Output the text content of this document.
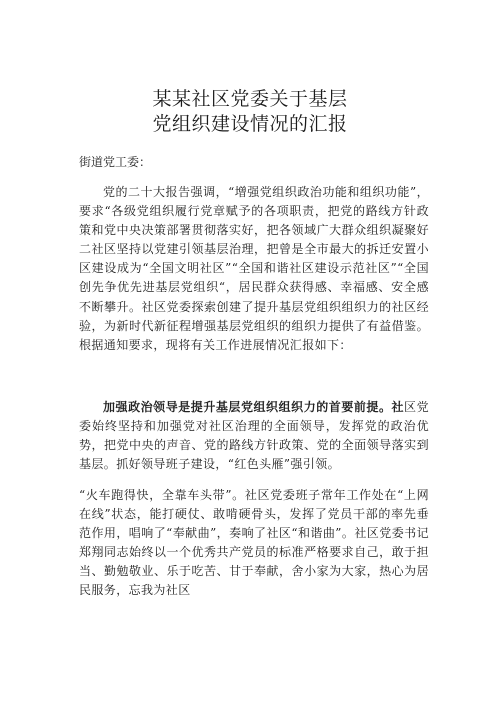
某某社区党委关于基层
党组织建设情况的汇报
街道党工委：
党的二十大报告强调，“增强党组织政治功能和组织功能”，要求“各级党组织履行党章赋予的各项职责，把党的路线方针政策和党中央决策部署贯彻落实好，把各领域广大群众组织凝聚好二社区坚持以党建引领基层治理，把曾是全市最大的拆迁安置小区建设成为“全国文明社区”“全国和谐社区建设示范社区”“全国创先争优先进基层党组织“，居民群众获得感、幸福感、安全感不断攀升。社区党委探索创建了提升基层党组织组织力的社区经验，为新时代新征程增强基层党组织的组织力提供了有益借鉴。根据通知要求，现将有关工作进展情况汇报如下：
加强政治领导是提升基层党组织组织力的首要前提。社区党委始终坚持和加强党对社区治理的全面领导，发挥党的政治优势，把党中央的声音、党的路线方针政策、党的全面领导落实到基层。抓好领导班子建设，“红色头雁”强引领。
“火车跑得快，全靠车头带”。社区党委班子常年工作处在“上网在线”状态，能打硬仗、敢啃硬骨头，发挥了党员干部的率先垂范作用，唱响了“奉献曲”，奏响了社区“和谐曲”。社区党委书记郑翔同志始终以一个优秀共产党员的标准严格要求自己，敢于担当、勤勉敬业、乐于吃苦、甘于奉献，舍小家为大家，热心为居民服务，忘我为社区
